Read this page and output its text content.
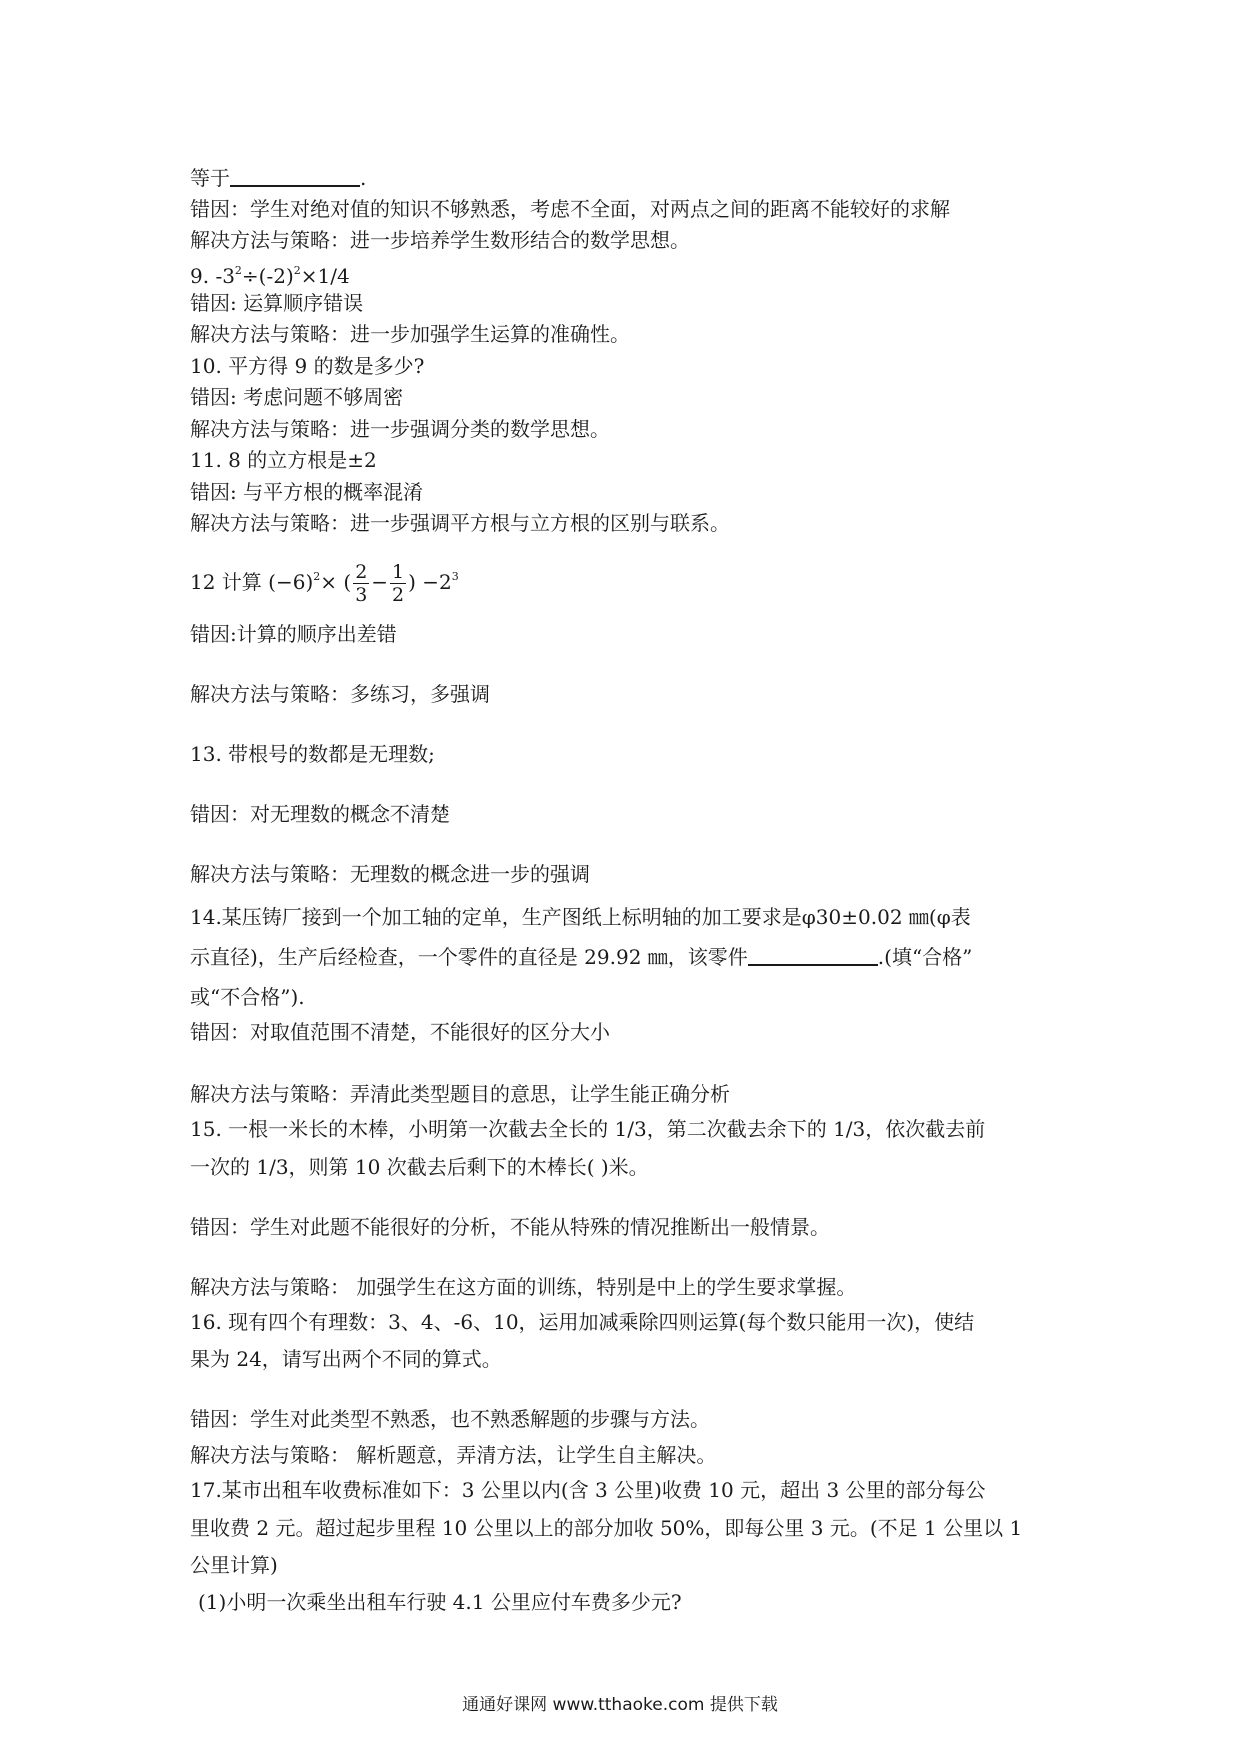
等于	.
错因：学生对绝对值的知识不够熟悉，考虑不全面，对两点之间的距离不能较好的求解
解决方法与策略：进一步培养学生数形结合的数学思想。
9. $-3^2\div(-2)^2\times 1/4$
错因: 运算顺序错误
解决方法与策略：进一步加强学生运算的准确性。
10. 平方得 9 的数是多少?
错因: 考虑问题不够周密
解决方法与策略：进一步强调分类的数学思想。
11. 8 的立方根是±2
错因: 与平方根的概率混淆
解决方法与策略：进一步强调平方根与立方根的区别与联系。
12 计算 $(-6)^2\times$ ( $\frac{2}{3} - \frac{1}{2}$ ) $-2^3$
错因:计算的顺序出差错
解决方法与策略：多练习，多强调
13. 带根号的数都是无理数;
错因：对无理数的概念不清楚
解决方法与策略：无理数的概念进一步的强调
14.某压铸厂接到一个加工轴的定单，生产图纸上标明轴的加工要求是φ30±0.02 ㎜(φ表
示直径)，生产后经检查，一个零件的直径是 29.92 ㎜，该零件	.(填“合格”
或“不合格”).
错因：对取值范围不清楚，不能很好的区分大小
解决方法与策略：弄清此类型题目的意思，让学生能正确分析
15. 一根一米长的木棒，小明第一次截去全长的 1/3，第二次截去余下的 1/3，依次截去前
一次的 1/3，则第 10 次截去后剩下的木棒长( )米。
错因：学生对此题不能很好的分析，不能从特殊的情况推断出一般情景。
解决方法与策略： 加强学生在这方面的训练，特别是中上的学生要求掌握。
16. 现有四个有理数：3、4、-6、10，运用加减乘除四则运算(每个数只能用一次)，使结
果为 24，请写出两个不同的算式。
错因：学生对此类型不熟悉，也不熟悉解题的步骤与方法。
解决方法与策略： 解析题意，弄清方法，让学生自主解决。
17.某市出租车收费标准如下：3 公里以内(含 3 公里)收费 10 元，超出 3 公里的部分每公
里收费 2 元。超过起步里程 10 公里以上的部分加收 50%，即每公里 3 元。(不足 1 公里以 1
公里计算)
(1)小明一次乘坐出租车行驶 4.1 公里应付车费多少元?
通通好课网 www.tthaoke.com 提供下载
